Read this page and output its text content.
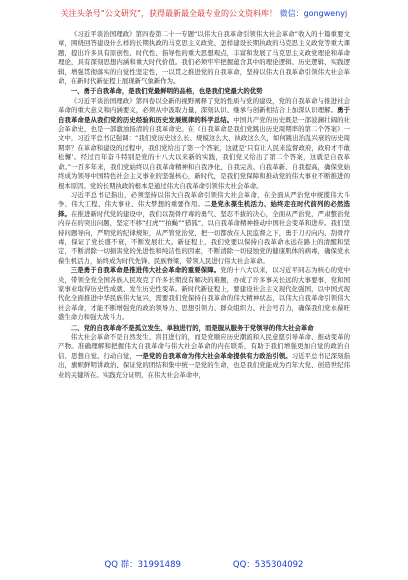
关注头条号“公文研究”，获得最新最全最专业的公文资料库！ 微信：gongwenyj

《习近平谈治国理政》第四卷第二十一专题“以伟大自我革命引领伟大社会革命”收入的十篇重要文章，围绕回答建设什么样的长期执政的马克思主义政党、怎样建设长期执政的马克思主义政党等重大课题，提出许多具有原创性、时代性、指导性的重大思想观点，丰富和发展了马克思主义政党理论和革命理论，具有深刻思想内涵和重大时代价值。我们必须牢牢把握蕴含其中的理论逻辑、历史逻辑、实践逻辑，增强贯彻落实的自觉性坚定性，一以贯之推进党的自我革命，坚持以伟大自我革命引领伟大社会革命，在新时代新征程上展现新气象新作为。

一、勇于自我革命，是我们党最鲜明的品格，也是我们党最大的优势

《习近平谈治国理政》第四卷以全新的视野阐释了党的性质与党的建设，党的自我革命与推进社会革命的重大意义和内涵要义，必须从中汲取力量，深刻认识、继承与创新相结合上加深认识理解。勇于自我革命是从我们党的历史经验和历史发展规律的科学总结。中国共产党的历史既是一部波澜壮阔的社会革命史，也是一部激浊扬清的自我革命史。在《自我革命是我们党跳出历史周期率的第二个答案》一文中，习近平总书记强调：“我们党历史这么长、规模这么大、执政这么久，如何跳出治乱兴衰的历史周期率？在革命和建设的过程中，我们党给出了第一个答案，这就是‘只有让人民来监督政府，政府才不敢松懈’。经过百年奋斗特别是党的十八大以来新的实践，我们党又给出了第二个答案，这就是自我革命。”一百多年来，我们党始终以自我革命精神和自我净化、自我完善、自我革新、自我提高，确保党始终成为领导中国特色社会主义事业的坚强核心，新时代，是我们党保障和推动党的伟大事业不断推进的根本原因。党的长期执政的根本是通过伟大自我革命引领伟大社会革命。

习近平总书记指出，必须坚持以伟大自我革命引领伟大社会革命，在全面从严治党中统揽伟大斗争、伟大工程、伟大事业、伟大梦想的重要作用。二是党永葆生机活力、始终走在时代前列的必然选择。在推进新时代党的建设中，我们以刮骨疗毒的勇气、坚忍不拔的决心，全面从严治党，严肃整治党内存在的突出问题，坚定不移“打虎”“拍蝇”“猎狐”，以自我革命精神推动中国社会变革和进步。我们坚持问题导向，严明党的纪律规矩，从严管党治党，把一切都放在人民监督之下，勇于刀刃向内、刮骨疗毒，保证了党长盛不衰，不断发展壮大。新征程上，我们党要以保持自我革命永远在路上的清醒和坚定，不断清除一切损害党的先进性和纯洁性的因素，不断清除一切侵蚀党的健康肌体的病毒，确保党永葆生机活力，始终成为时代先锋、民族脊梁，带领人民进行伟大社会革命。

三是勇于自我革命是推进伟大社会革命的重要保障。党的十八大以来，以习近平同志为核心的党中央，带领全党全国各族人民攻克了许多长期没有解决的难题，办成了许多事关长远的大事要事，党和国家事业取得历史性成就、发生历史性变革。新时代新征程上，要建设社会主义现代化强国，以中国式现代化全面推进中华民族伟大复兴，需要我们党保持自我革命的伟大精神状态，以伟大自我革命引领伟大社会革命，才能不断增强党的政治领导力、思想引领力、群众组织力、社会号召力，确保我们党永葆旺盛生命力和强大战斗力。

二、党的自我革命不是孤立发生、单独进行的，而是服从服务于党领导的伟大社会革命

伟大社会革命不是自然发生、盲目进行的，而是党顺应历史潮流和人民意愿引导革命、推动变革的产物。准确理解和把握伟大自我革命与伟大社会革命的内在联系，有助于我们增强更加自觉的政治自信、思想自觉、行动自觉，一是党的自我革命为伟大社会革命提供有力政治引领。习近平总书记深刻指出，旗帜鲜明讲政治、保证党的团结和集中统一是党的生命，也是我们党能成为百年大党、创造世纪伟业的关键所在。实践充分证明，在伟大社会革命中，

QQ 群：31991489	QQ：535304092
